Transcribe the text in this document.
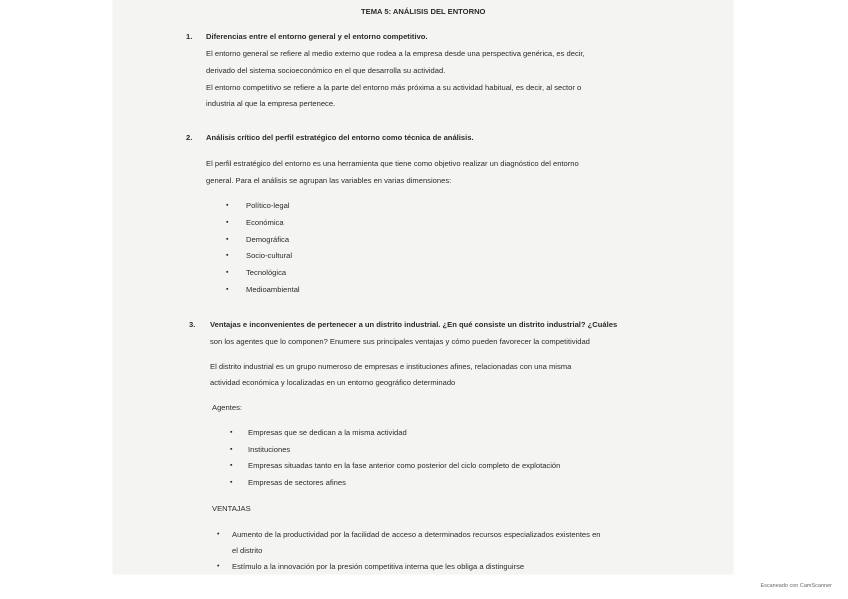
TEMA 5: ANÁLISIS DEL ENTORNO
1. Diferencias entre el entorno general y el entorno competitivo.
El entorno general se refiere al medio externo que rodea a la empresa desde una perspectiva genérica, es decir,
derivado del sistema socioeconómico en el que desarrolla su actividad.
El entorno competitivo se refiere a la parte del entorno más próxima a su actividad habitual, es decir, al sector o
industria al que la empresa pertenece.
2. Análisis crítico del perfil estratégico del entorno como técnica de análisis.
El perfil estratégico del entorno es una herramienta que tiene como objetivo realizar un diagnóstico del entorno
general. Para el análisis se agrupan las variables en varias dimensiones:
▪ Político-legal
▪ Económica
▪ Demográfica
▪ Socio-cultural
▪ Tecnológica
▪ Medioambiental
3. Ventajas e inconvenientes de pertenecer a un distrito industrial. ¿En qué consiste un distrito industrial? ¿Cuáles
son los agentes que lo componen? Enumere sus principales ventajas y cómo pueden favorecer la competitividad
El distrito industrial es un grupo numeroso de empresas e instituciones afines, relacionadas con una misma
actividad económica y localizadas en un entorno geográfico determinado
Agentes:
▪ Empresas que se dedican a la misma actividad
▪ Instituciones
▪ Empresas situadas tanto en la fase anterior como posterior del ciclo completo de explotación
▪ Empresas de sectores afines
VENTAJAS
• Aumento de la productividad por la facilidad de acceso a determinados recursos especializados existentes en
el distrito
• Estímulo a la innovación por la presión competitiva interna que les obliga a distinguirse
Escaneado con CamScanner
